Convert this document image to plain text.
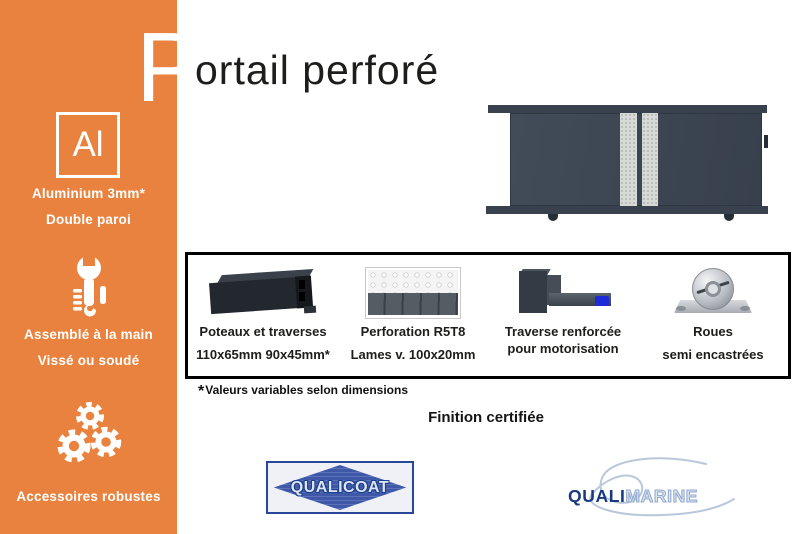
Al
Aluminium 3mm*
Double paroi
Assemblé à la main
Vissé ou soudé
Accessoires robustes
P
ortail perforé
Poteaux et traverses
110x65mm 90x45mm*
Perforation R5T8
Lames v. 100x20mm
Traverse renforcée
pour motorisation
Roues
semi encastrées
*Valeurs variables selon dimensions
Finition certifiée
QUALICOAT	QUALIMARINE
